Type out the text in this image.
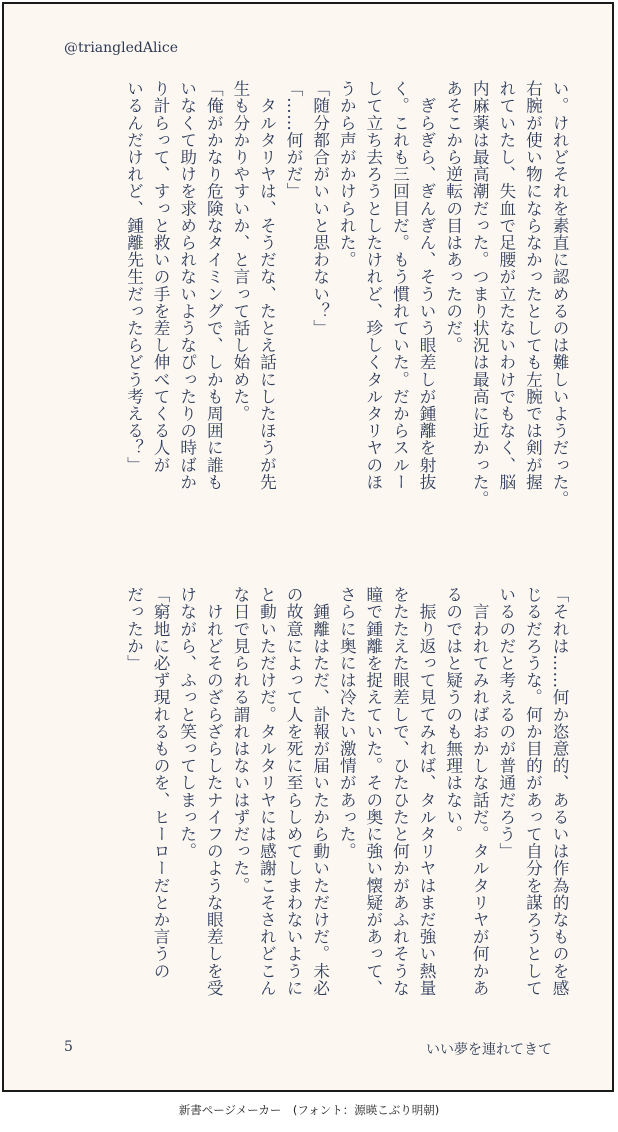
@triangledAlice
い。けれどそれを素直に認めるのは難しいようだった。
右腕が使い物にならなかったとしても左腕では剣が握
れていたし、失血で足腰が立たないわけでもなく、脳
内麻薬は最高潮だった。つまり状況は最高に近かった。
あそこから逆転の目はあったのだ。
　ぎらぎら、ぎんぎん、そういう眼差しが鍾離を射抜
く。これも三回目だ。もう慣れていた。だからスルー
して立ち去ろうとしたけれど、珍しくタルタリヤのほ
うから声がかけられた。
「随分都合がいいと思わない？」
「……何がだ」
　タルタリヤは、そうだな、たとえ話にしたほうが先
生も分かりやすいか、と言って話し始めた。
「俺がかなり危険なタイミングで、しかも周囲に誰も
いなくて助けを求められないようなぴったりの時ばか
り計らって、すっと救いの手を差し伸べてくる人が
いるんだけれど、鍾離先生だったらどう考える？」
「それは……何か恣意的、あるいは作為的なものを感
じるだろうな。何か目的があって自分を謀ろうとして
いるのだと考えるのが普通だろう」
　言われてみればおかしな話だ。タルタリヤが何かあ
るのではと疑うのも無理はない。
　振り返って見てみれば、タルタリヤはまだ強い熱量
をたたえた眼差しで、ひたひたと何かがあふれそうな
瞳で鍾離を捉えていた。その奥に強い懐疑があって、
さらに奥には冷たい激情があった。
　鍾離はただ、訃報が届いたから動いただけだ。未必
の故意によって人を死に至らしめてしまわないように
と動いただけだ。タルタリヤには感謝こそされどこん
な日で見られる謂れはないはずだった。
　けれどそのざらざらしたナイフのような眼差しを受
けながら、ふっと笑ってしまった。
「窮地に必ず現れるものを、ヒーローだとか言うの
だったか」
5	いい夢を連れてきて
新書ページメーカー　(フォント：源暎こぶり明朝)
